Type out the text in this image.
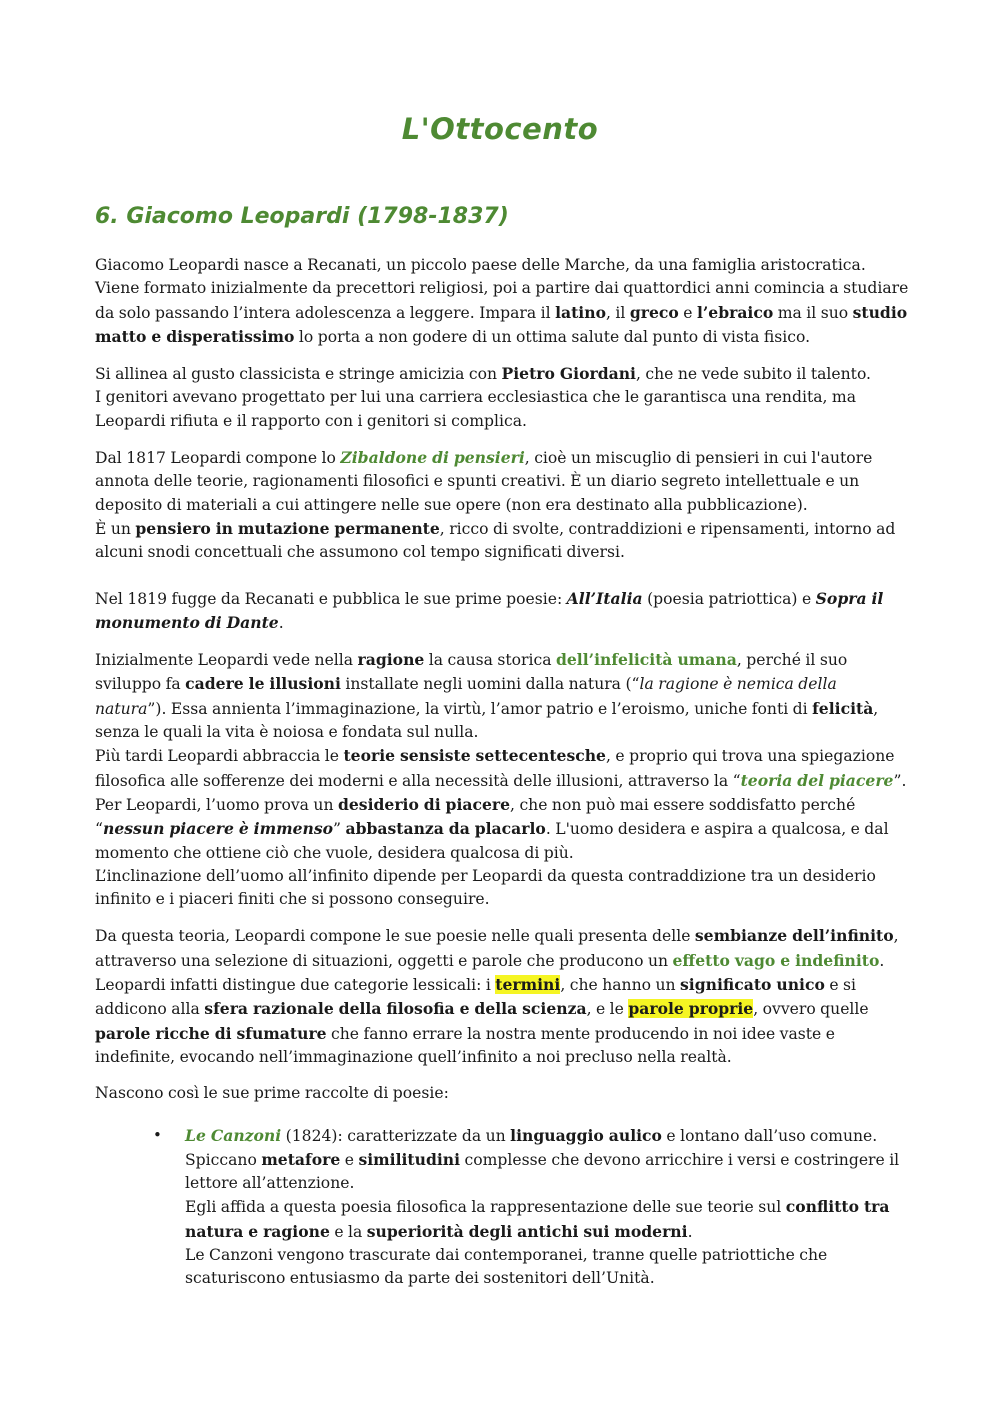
L'Ottocento
6. Giacomo Leopardi (1798-1837)

Giacomo Leopardi nasce a Recanati, un piccolo paese delle Marche, da una famiglia aristocratica. Viene formato inizialmente da precettori religiosi, poi a partire dai quattordici anni comincia a studiare da solo passando l’intera adolescenza a leggere. Impara il latino, il greco e l’ebraico ma il suo studio matto e disperatissimo lo porta a non godere di un ottima salute dal punto di vista fisico.

Si allinea al gusto classicista e stringe amicizia con Pietro Giordani, che ne vede subito il talento.
I genitori avevano progettato per lui una carriera ecclesiastica che le garantisca una rendita, ma Leopardi rifiuta e il rapporto con i genitori si complica.

Dal 1817 Leopardi compone lo Zibaldone di pensieri, cioè un miscuglio di pensieri in cui l'autore annota delle teorie, ragionamenti filosofici e spunti creativi. È un diario segreto intellettuale e un deposito di materiali a cui attingere nelle sue opere (non era destinato alla pubblicazione).
È un pensiero in mutazione permanente, ricco di svolte, contraddizioni e ripensamenti, intorno ad alcuni snodi concettuali che assumono col tempo significati diversi.

Nel 1819 fugge da Recanati e pubblica le sue prime poesie: All’Italia (poesia patriottica) e Sopra il monumento di Dante.

Inizialmente Leopardi vede nella ragione la causa storica dell’infelicità umana, perché il suo sviluppo fa cadere le illusioni installate negli uomini dalla natura (“la ragione è nemica della natura”). Essa annienta l’immaginazione, la virtù, l’amor patrio e l’eroismo, uniche fonti di felicità, senza le quali la vita è noiosa e fondata sul nulla.
Più tardi Leopardi abbraccia le teorie sensiste settecentesche, e proprio qui trova una spiegazione filosofica alle sofferenze dei moderni e alla necessità delle illusioni, attraverso la “teoria del piacere”.
Per Leopardi, l’uomo prova un desiderio di piacere, che non può mai essere soddisfatto perché “nessun piacere è immenso” abbastanza da placarlo. L'uomo desidera e aspira a qualcosa, e dal momento che ottiene ciò che vuole, desidera qualcosa di più.
L’inclinazione dell’uomo all’infinito dipende per Leopardi da questa contraddizione tra un desiderio infinito e i piaceri finiti che si possono conseguire.

Da questa teoria, Leopardi compone le sue poesie nelle quali presenta delle sembianze dell’infinito, attraverso una selezione di situazioni, oggetti e parole che producono un effetto vago e indefinito.
Leopardi infatti distingue due categorie lessicali: i termini, che hanno un significato unico e si addicono alla sfera razionale della filosofia e della scienza, e le parole proprie, ovvero quelle parole ricche di sfumature che fanno errare la nostra mente producendo in noi idee vaste e indefinite, evocando nell’immaginazione quell’infinito a noi precluso nella realtà.

Nascono così le sue prime raccolte di poesie:

• Le Canzoni (1824): caratterizzate da un linguaggio aulico e lontano dall’uso comune.
Spiccano metafore e similitudini complesse che devono arricchire i versi e costringere il lettore all’attenzione.
Egli affida a questa poesia filosofica la rappresentazione delle sue teorie sul conflitto tra natura e ragione e la superiorità degli antichi sui moderni.
Le Canzoni vengono trascurate dai contemporanei, tranne quelle patriottiche che scaturiscono entusiasmo da parte dei sostenitori dell’Unità.
